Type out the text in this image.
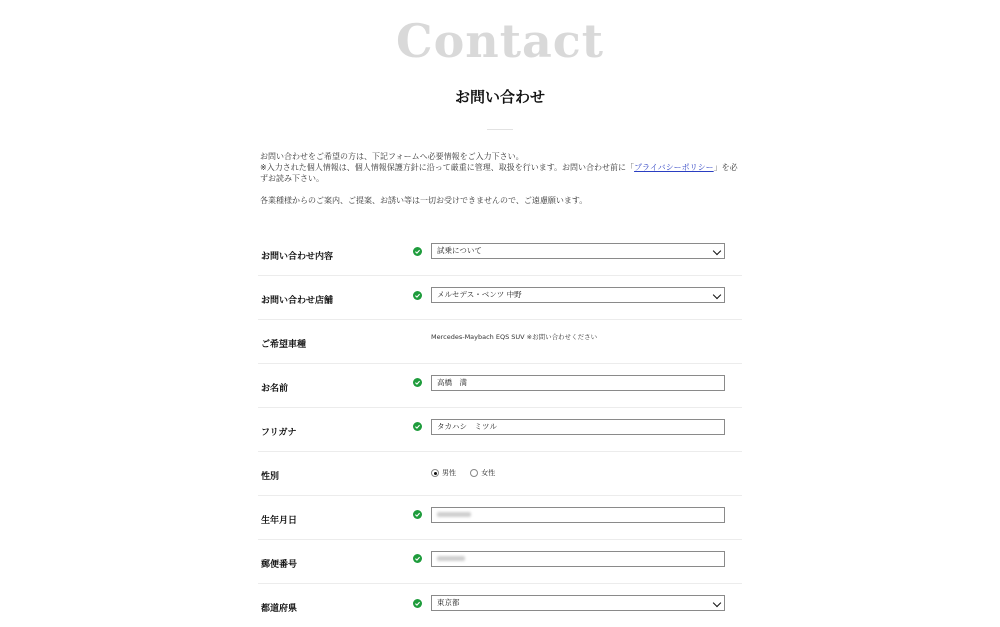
Contact
お問い合わせ

お問い合わせをご希望の方は、下記フォームへ必要情報をご入力下さい。

※入力された個人情報は、個人情報保護方針に沿って厳重に管理、取扱を行います。お問い合わせ前に「プライバシーポリシー」を必ずお読み下さい。

各業種様からのご案内、ご提案、お誘い等は一切お受けできませんので、ご遠慮願います。

お問い合わせ内容
試乗について
お問い合わせ店舗
メルセデス・ベンツ 中野
ご希望車種
Mercedes-Maybach EQS SUV ※お問い合わせください
お名前
高橋　満
フリガナ
タカハシ　ミツル
性別	男性	女性
生年月日
郵便番号
都道府県
東京都
